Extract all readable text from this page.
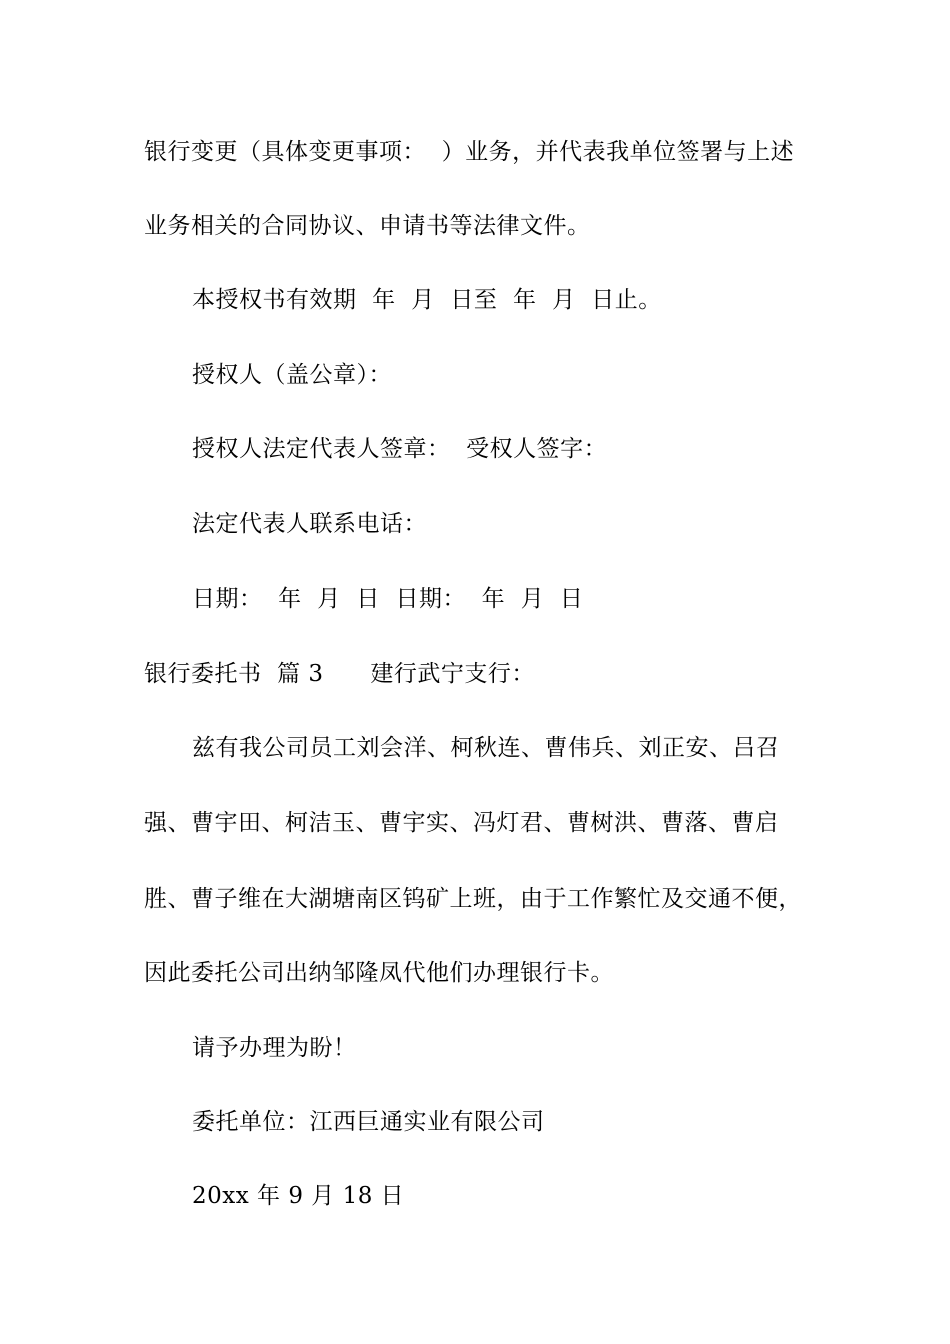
银行变更（具体变更事项：  ）业务，并代表我单位签署与上述
业务相关的合同协议、申请书等法律文件。
本授权书有效期  年  月  日至  年  月  日止。
授权人（盖公章）：
授权人法定代表人签章：  受权人签字：
法定代表人联系电话：
日期：  年  月  日  日期：  年  月  日
银行委托书  篇 3      建行武宁支行：
兹有我公司员工刘会洋、柯秋连、曹伟兵、刘正安、吕召
强、曹宇田、柯洁玉、曹宇实、冯灯君、曹树洪、曹落、曹启
胜、曹子维在大湖塘南区钨矿上班，由于工作繁忙及交通不便，
因此委托公司出纳邹隆凤代他们办理银行卡。
请予办理为盼！
委托单位：江西巨通实业有限公司
20xx 年 9 月 18 日
